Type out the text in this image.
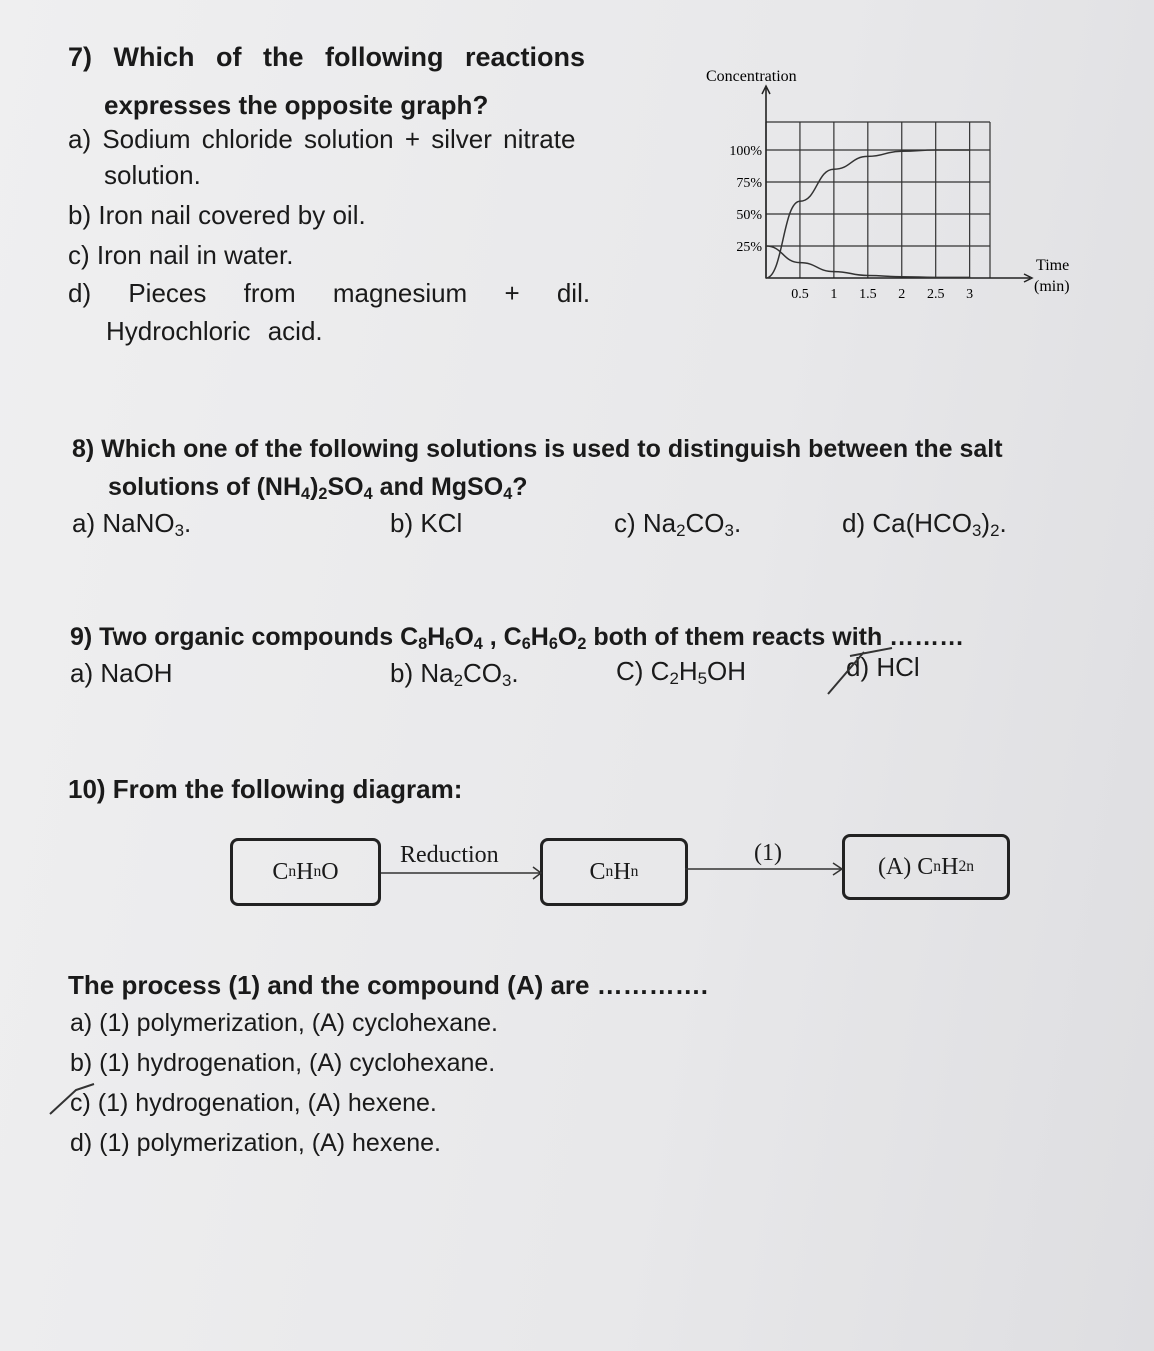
7) Which of the following reactions
expresses the opposite graph?
a) Sodium chloride solution + silver nitrate
solution.
b) Iron nail covered by oil.
c) Iron nail in water.
d) Pieces from magnesium + dil.
Hydrochloric acid.
Concentration
Time
(min)
100%
75%
50%
25%
0.5 1 1.5 2 2.5 3
8) Which one of the following solutions is used to distinguish between the salt
solutions of $(NH_4)_2SO_4$ and MgSO$_4$?
a) NaNO$_3$.	b) KCl	c) $Na_2CO_3$.	d) $Ca(HCO_3)_2$.
9) Two organic compounds $C_8H_6O_4$ , $C_6H_6O_2$ both of them reacts with ………
a) NaOH	b) $Na_2CO_3$.	C) $C_2H_5OH$	d) HCl
10) From the following diagram:
C n H n O
Reduction
C n H n
(1)
(A) C n H 2n
The process (1) and the compound (A) are ………….
a) (1) polymerization, (A) cyclohexane.
b) (1) hydrogenation, (A) cyclohexane.
c) (1) hydrogenation, (A) hexene.
d) (1) polymerization, (A) hexene.
